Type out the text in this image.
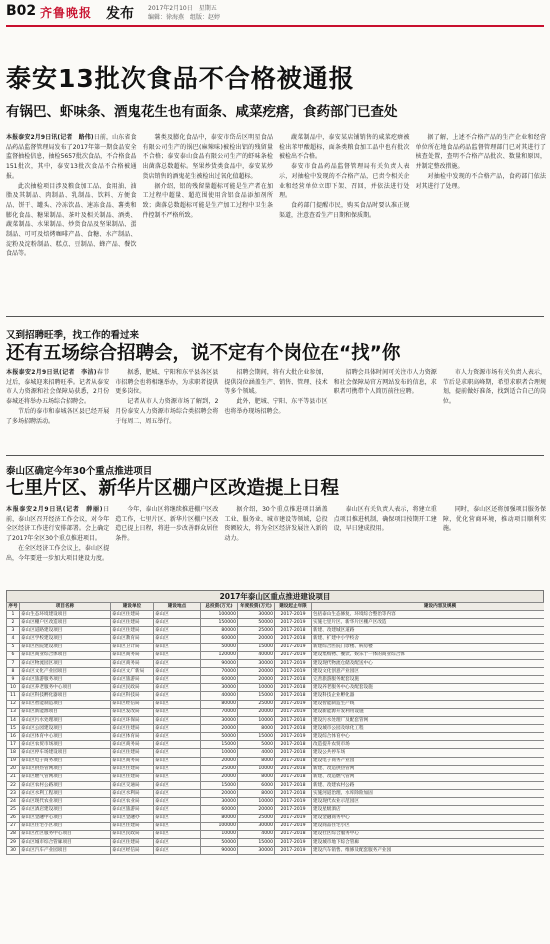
B02 齐鲁晚报 发布 2017年2月10日　星期五
编辑：徐海燕　组版：赵婷
泰安13批次食品不合格被通报
有锅巴、虾味条、酒鬼花生也有面条、咸菜疙瘩，食药部门已查处

本报泰安2月9日讯(记者　路伟)日前，山东省食品药品监督管理局发布了2017年第一期食品安全监督抽检信息，抽检5657批次食品，不合格食品151批次，其中，泰安13批次食品不合格被通报。

此次抽检项目涉及粮食加工品、食用油、油脂及其制品、肉制品、乳制品、饮料、方便食品、饼干、罐头、冷冻饮品、速冻食品、薯类和膨化食品、糖果制品、茶叶及相关制品、酒类、蔬菜制品、水果制品、炒货食品及坚果制品、蛋制品、可可及焙烤咖啡产品、食糖、水产制品、淀粉及淀粉制品、糕点、豆制品、蜂产品、餐饮食品等。

薯类及膨化食品中，泰安市岱岳区明星食品有限公司生产的锅巴(麻辣味)被检出铝的残留量不合格；泰安泰山食品有限公司生产的虾味条检出菌落总数超标。坚果炒货类食品中，泰安某炒货店销售的酒鬼花生被检出过氧化值超标。

据介绍，铝的残留量超标可能是生产者在加工过程中超量、超范围使用含铝食品添加剂所致；菌落总数超标可能是生产加工过程中卫生条件控制不严格所致。

蔬菜制品中，泰安某店铺销售的咸菜疙瘩被检出苯甲酸超标，面条类粮食加工品中也有批次被检出不合格。

泰安市食品药品监督管理局有关负责人表示，对抽检中发现的不合格产品，已责令相关企业和经营单位立即下架、召回，并依法进行处理。

食药部门提醒市民，购买食品时要认准正规渠道，注意查看生产日期和保质期。

据了解，上述不合格产品的生产企业和经营单位所在地食品药品监督管理部门已对其进行了核查处置，查明不合格产品批次、数量和原因，并制定整改措施。

对抽检中发现的不合格产品，食药部门依法对其进行了处理。

又到招聘旺季，找工作的看过来
还有五场综合招聘会，说不定有个岗位在“找”你

本报泰安2月9日讯(记者　李洁)春节过后，泰城迎来招聘旺季。记者从泰安市人力资源和社会保障局获悉，2月份泰城还将举办五场综合招聘会。

节后的泰市和泰城各区县已经开展了多场招聘活动。

据悉，肥城、宁阳和东平县各区县市招聘会也将相继举办，为求职者提供更多岗位。

记者从市人力资源市场了解到，2月份泰安人力资源市场综合类招聘会将于每周二、周五举行。

招聘会期间，将有大批企业参加，提供岗位涵盖生产、销售、管理、技术等多个领域。

此外，肥城、宁阳、东平等县市区也将举办现场招聘会。

招聘会具体时间可关注市人力资源和社会保障局官方网站发布的信息，求职者可携带个人简历前往应聘。

市人力资源市场有关负责人表示，节后是求职高峰期，希望求职者合理规划，提前做好准备，找到适合自己的岗位。

泰山区确定今年30个重点推进项目
七里片区、新华片区棚户区改造提上日程

本报泰安2月9日讯(记者　薛丽)日前，泰山区召开经济工作会议，对今年全区经济工作进行安排部署。会上确定了2017年全区30个重点推进项目。

在全区经济工作会议上，泰山区提出，今年要进一步加大项目建设力度。

今年，泰山区将继续推进棚户区改造工作，七里片区、新华片区棚户区改造已提上日程，将进一步改善群众居住条件。

据介绍，30个重点推进项目涵盖工业、服务业、城市建设等领域，总投资额较大，将为全区经济发展注入新的动力。

泰山区有关负责人表示，将建立重点项目推进机制，确保项目按期开工建设，早日建成投用。

同时，泰山区还将加强项目服务保障，优化营商环境，推动项目顺利实施。

2017年泰山区重点推进建设项目
序号	项目名称	建设单位	建设地点	总投资(万元)	年度投资(万元)	建设起止年限	建设内容及规模
1	泰山生态环境建设项目	泰山区住建局	泰山区	100000	30000	2017-2019	包括泰山生态修复、环境综合整治等内容
2	泰山区棚户区改造项目	泰山区住建局	泰山区	150000	50000	2017-2019	实施七里片区、新华片区棚户区改造
3	泰山区道路建设项目	泰山区住建局	泰山区	80000	25000	2017-2018	新建、改建城区道路
4	泰山区学校建设项目	泰山区教育局	泰山区	60000	20000	2017-2018	新建、扩建中小学校舍
5	泰山区医院建设项目	泰山区卫计局	泰山区	50000	15000	2017-2019	新建综合医院门诊楼、病房楼
6	泰山区商业综合体项目	泰山区商务局	泰山区	120000	40000	2017-2019	建设集购物、餐饮、娱乐于一体的商业综合体
7	泰山区物流园区项目	泰山区商务局	泰山区	90000	30000	2017-2019	建设现代物流仓储及配送中心
8	泰山区文化产业园项目	泰山区文广新局	泰山区	70000	20000	2017-2019	建设文化创意产业园区
9	泰山区旅游服务项目	泰山区旅游局	泰山区	60000	20000	2017-2018	完善旅游服务配套设施
10	泰山区养老服务中心项目	泰山区民政局	泰山区	30000	10000	2017-2018	建设养老服务中心及配套设施
11	泰山区科技孵化器项目	泰山区科技局	泰山区	40000	15000	2017-2018	建设科技企业孵化器
12	泰山区智能制造项目	泰山区经信局	泰山区	80000	25000	2017-2019	建设智能制造生产线
13	泰山区新能源项目	泰山区发改局	泰山区	70000	20000	2017-2019	建设新能源开发利用设施
14	泰山区污水处理项目	泰山区环保局	泰山区	30000	10000	2017-2018	建设污水处理厂及配套管网
15	泰山区公园建设项目	泰山区住建局	泰山区	20000	8000	2017-2018	建设城市公园及绿化工程
16	泰山区体育中心项目	泰山区体育局	泰山区	50000	15000	2017-2019	建设综合体育中心
17	泰山区农贸市场项目	泰山区商务局	泰山区	15000	5000	2017-2018	改造提升农贸市场
18	泰山区停车场建设项目	泰山区住建局	泰山区	10000	4000	2017-2018	建设公共停车场
19	泰山区电子商务项目	泰山区商务局	泰山区	20000	8000	2017-2018	建设电子商务产业园
20	泰山区供热管网项目	泰山区住建局	泰山区	25000	10000	2017-2018	新建、改造供热管网
21	泰山区燃气管网项目	泰山区住建局	泰山区	20000	8000	2017-2018	新建、改造燃气管网
22	泰山区农村公路项目	泰山区交通局	泰山区	15000	6000	2017-2018	新建、改建农村公路
23	泰山区水利工程项目	泰山区水利局	泰山区	20000	8000	2017-2018	实施河道治理、水库除险加固
24	泰山区现代农业项目	泰山区农业局	泰山区	30000	10000	2017-2019	建设现代农业示范园区
25	泰山区酒店建设项目	泰山区旅游局	泰山区	60000	20000	2017-2019	建设星级酒店
26	泰山区金融中心项目	泰山区金融办	泰山区	80000	25000	2017-2019	建设金融商务中心
27	泰山区住宅小区项目	泰山区住建局	泰山区	100000	30000	2017-2019	建设商品住宅小区
28	泰山区社区服务中心项目	泰山区民政局	泰山区	10000	4000	2017-2018	建设社区综合服务中心
29	泰山区城市综合管廊项目	泰山区住建局	泰山区	50000	15000	2017-2019	建设城市地下综合管廊
30	泰山区汽车产业园项目	泰山区经信局	泰山区	90000	30000	2017-2019	建设汽车销售、维修及配套服务产业园
